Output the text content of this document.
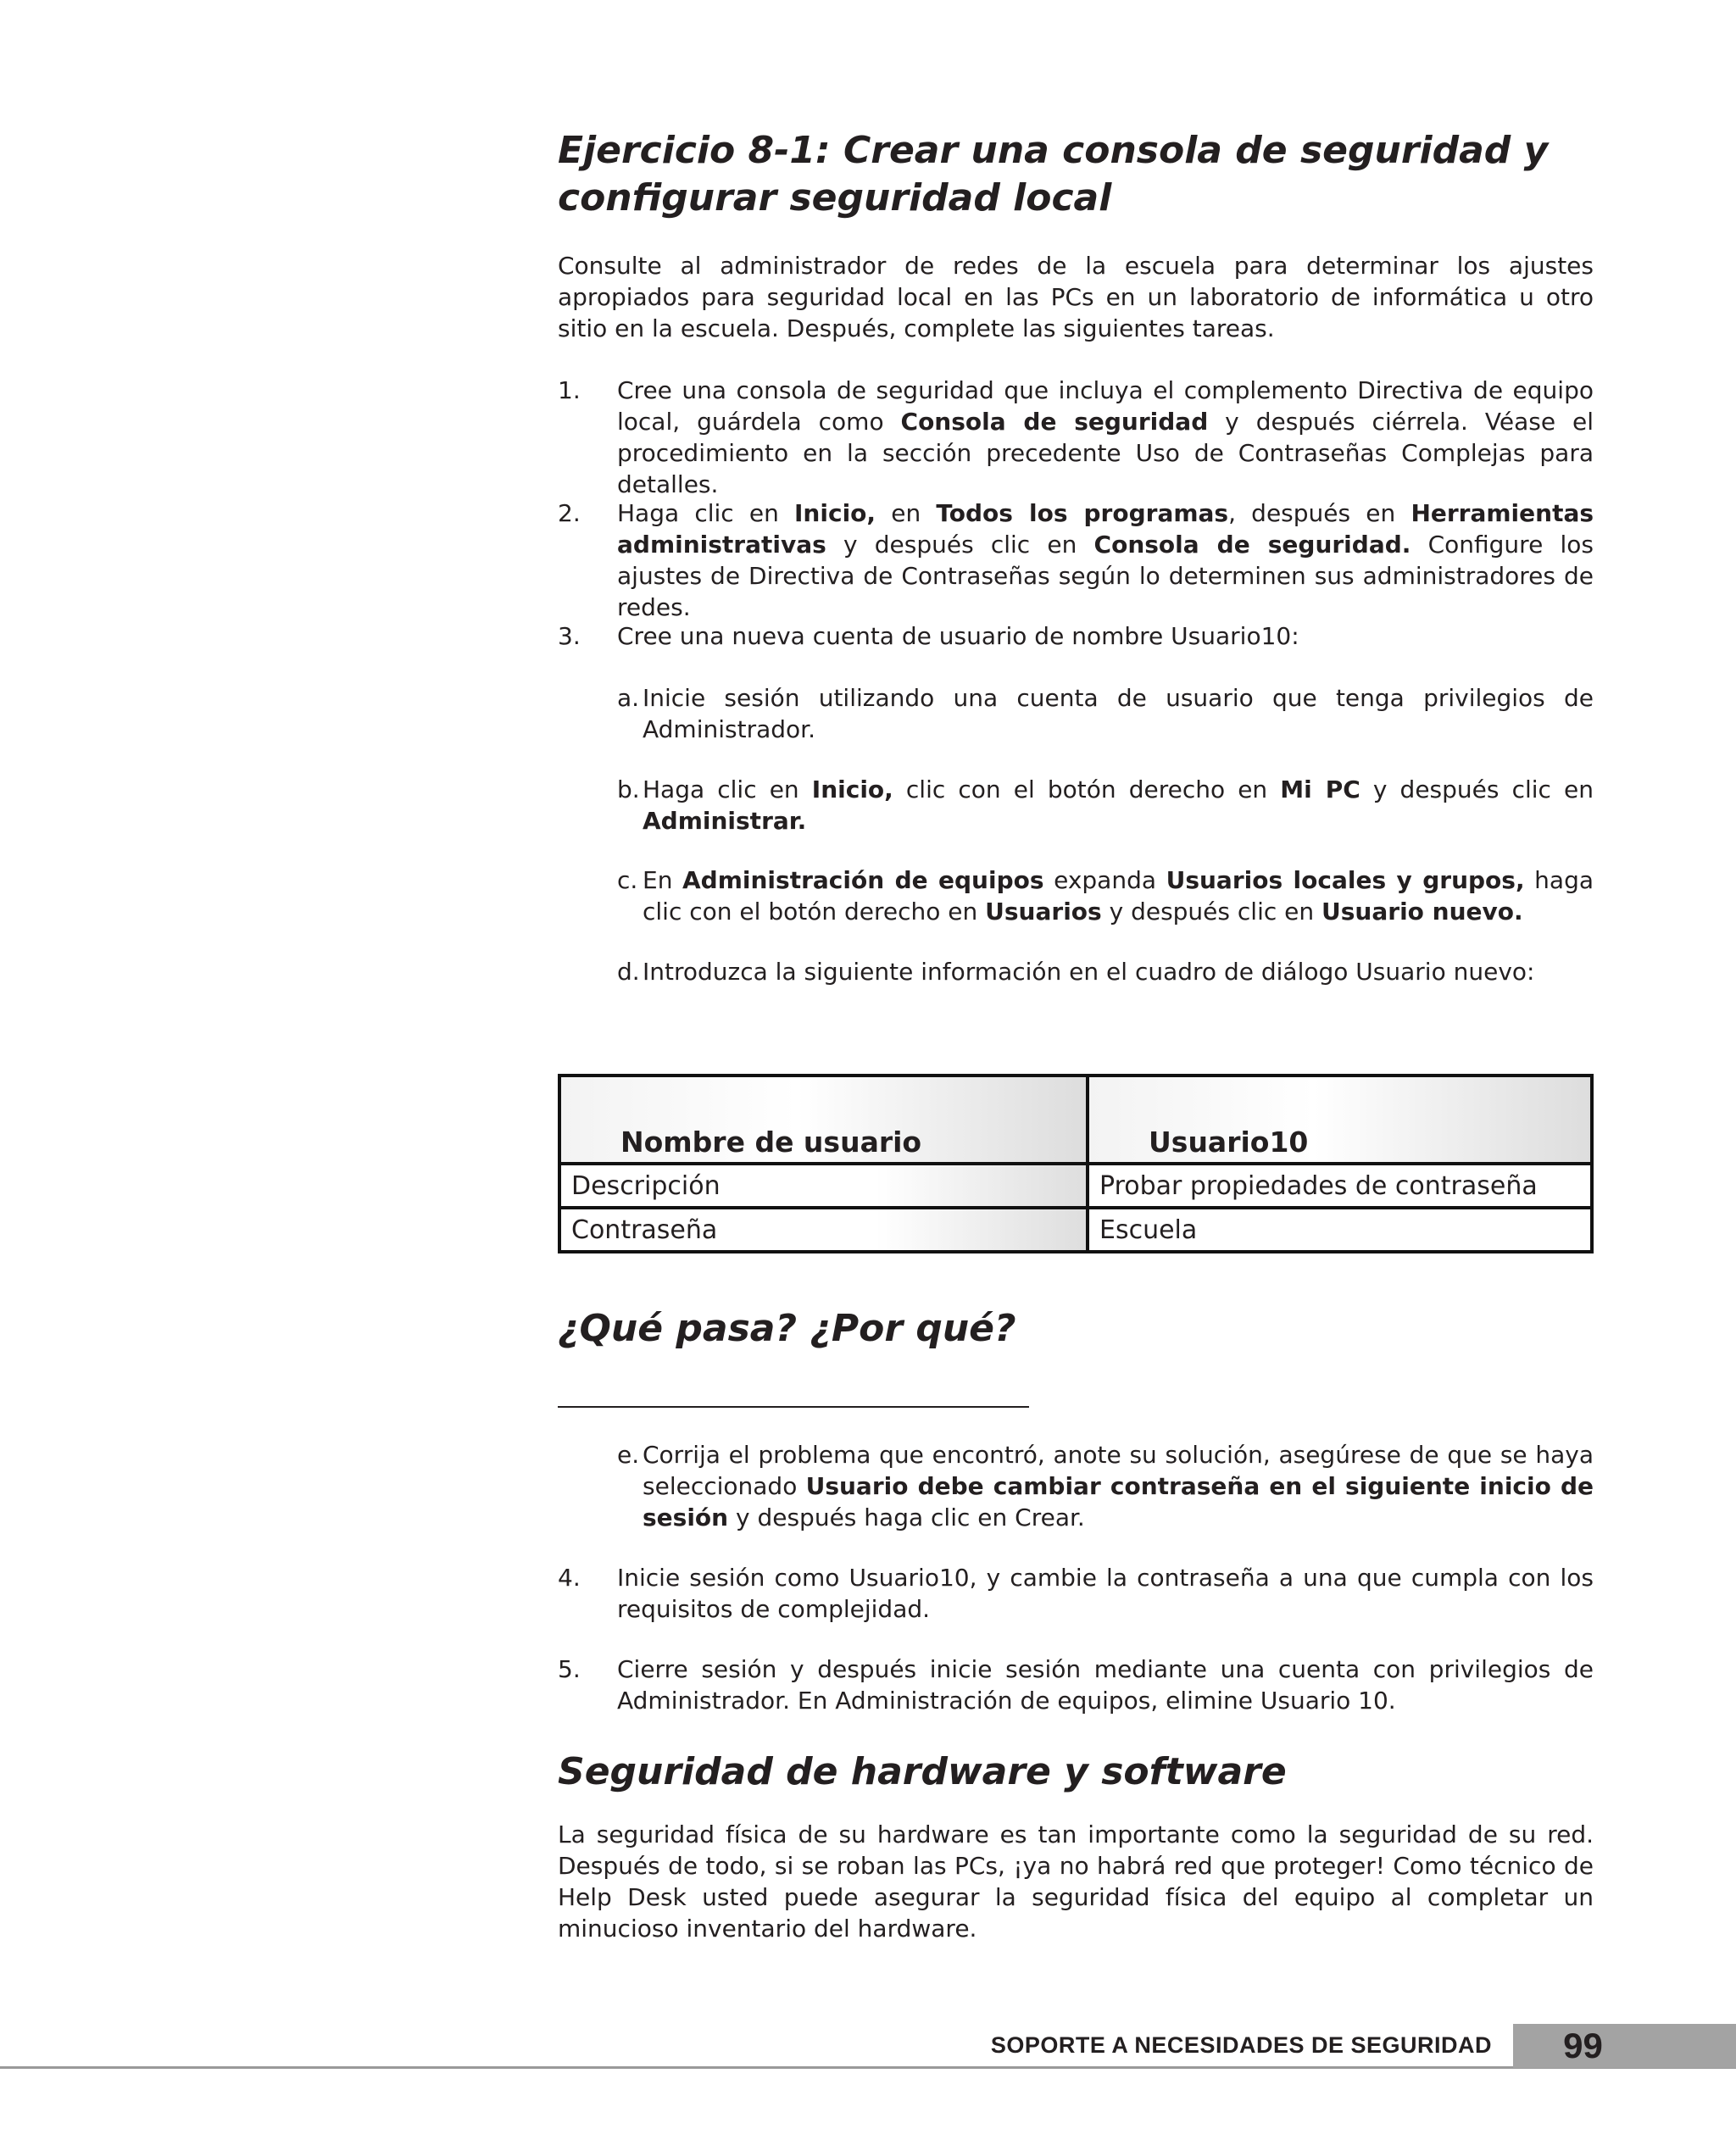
Ejercicio 8-1: Crear una consola de seguridad y configurar seguridad local

Consulte al administrador de redes de la escuela para determinar los ajustes apropiados para seguridad local en las PCs en un laboratorio de informática u otro sitio en la escuela. Después, complete las siguientes tareas.

1. Cree una consola de seguridad que incluya el complemento Directiva de equipo local, guárdela como Consola de seguridad y después ciérrela. Véase el procedimiento en la sección precedente Uso de Contraseñas Complejas para detalles.
2. Haga clic en Inicio, en Todos los programas, después en Herramientas administrativas y después clic en Consola de seguridad. Configure los ajustes de Directiva de Contraseñas según lo determinen sus administradores de redes.
3. Cree una nueva cuenta de usuario de nombre Usuario10:
a. Inicie sesión utilizando una cuenta de usuario que tenga privilegios de Administrador.
b. Haga clic en Inicio, clic con el botón derecho en Mi PC y después clic en Administrar.
c. En Administración de equipos expanda Usuarios locales y grupos, haga clic con el botón derecho en Usuarios y después clic en Usuario nuevo.
d. Introduzca la siguiente información en el cuadro de diálogo Usuario nuevo:
Nombre de usuario	Usuario10
Descripción	Probar propiedades de contraseña
Contraseña	Escuela
¿Qué pasa? ¿Por qué?
e. Corrija el problema que encontró, anote su solución, asegúrese de que se haya seleccionado Usuario debe cambiar contraseña en el siguiente inicio de sesión y después haga clic en Crear.
4. Inicie sesión como Usuario10, y cambie la contraseña a una que cumpla con los requisitos de complejidad.
5. Cierre sesión y después inicie sesión mediante una cuenta con privilegios de Administrador. En Administración de equipos, elimine Usuario 10.
Seguridad de hardware y software

La seguridad física de su hardware es tan importante como la seguridad de su red. Después de todo, si se roban las PCs, ¡ya no habrá red que proteger! Como técnico de Help Desk usted puede asegurar la seguridad física del equipo al completar un minucioso inventario del hardware.

SOPORTE A NECESIDADES DE SEGURIDAD	99
